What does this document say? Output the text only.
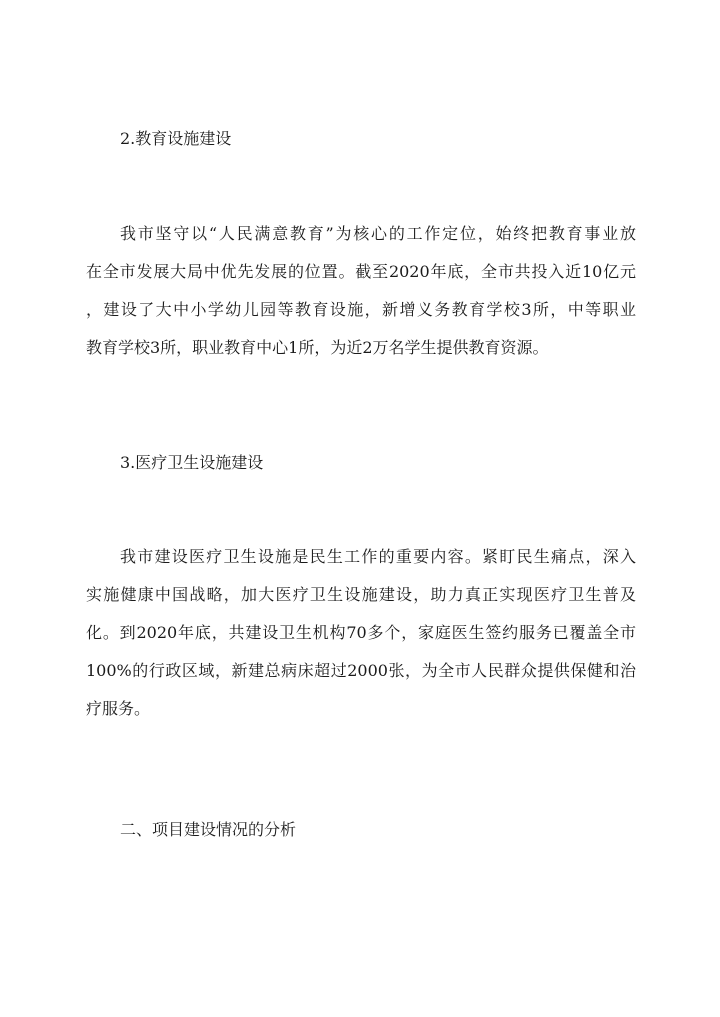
2.教育设施建设
我市坚守以“人民满意教育”为核心的工作定位，始终把教育事业放
在全市发展大局中优先发展的位置。截至2020年底，全市共投入近10亿元
，建设了大中小学幼儿园等教育设施，新增义务教育学校3所，中等职业
教育学校3所，职业教育中心1所，为近2万名学生提供教育资源。
3.医疗卫生设施建设
我市建设医疗卫生设施是民生工作的重要内容。紧盯民生痛点，深入
实施健康中国战略，加大医疗卫生设施建设，助力真正实现医疗卫生普及
化。到2020年底，共建设卫生机构70多个，家庭医生签约服务已覆盖全市
100%的行政区域，新建总病床超过2000张，为全市人民群众提供保健和治
疗服务。
二、项目建设情况的分析
